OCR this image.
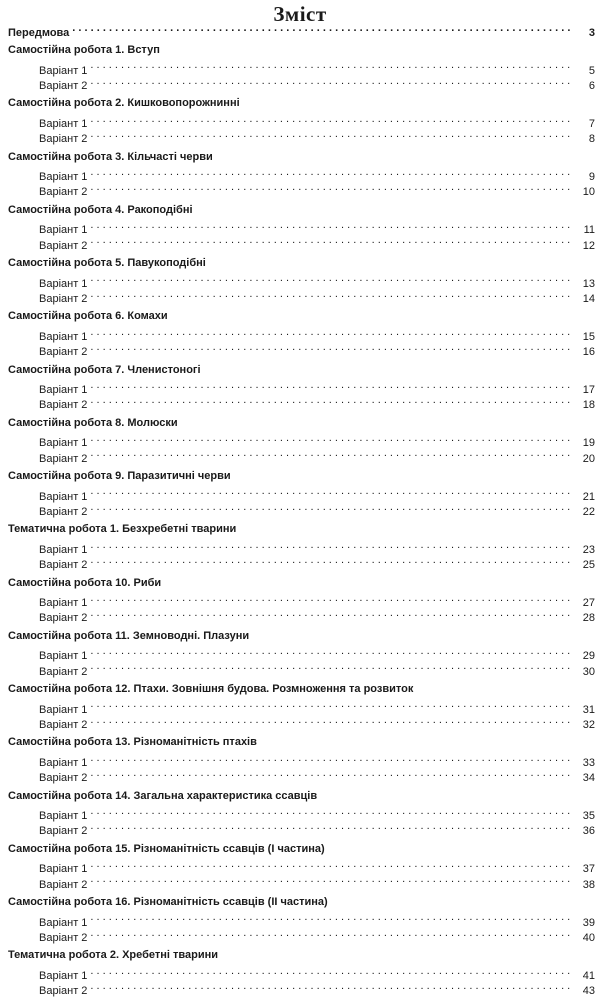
Зміст
Передмова . . .	3
Самостійна робота 1. Вступ
Варіант 1 . . .	5
Варіант 2 . . .	6
Самостійна робота 2. Кишковопорожнинні
Варіант 1 . . .	7
Варіант 2 . . .	8
Самостійна робота 3. Кільчасті черви
Варіант 1 . . .	9
Варіант 2 . . .	10
Самостійна робота 4. Ракоподібні
Варіант 1 . . .	11
Варіант 2 . . .	12
Самостійна робота 5. Павукоподібні
Варіант 1 . . .	13
Варіант 2 . . .	14
Самостійна робота 6. Комахи
Варіант 1 . . .	15
Варіант 2 . . .	16
Самостійна робота 7. Членистоногі
Варіант 1 . . .	17
Варіант 2 . . .	18
Самостійна робота 8. Молюски
Варіант 1 . . .	19
Варіант 2 . . .	20
Самостійна робота 9. Паразитичні черви
Варіант 1 . . .	21
Варіант 2 . . .	22
Тематична робота 1. Безхребетні тварини
Варіант 1 . . .	23
Варіант 2 . . .	25
Самостійна робота 10. Риби
Варіант 1 . . .	27
Варіант 2 . . .	28
Самостійна робота 11. Земноводні. Плазуни
Варіант 1 . . .	29
Варіант 2 . . .	30
Самостійна робота 12. Птахи. Зовнішня будова. Розмноження та розвиток
Варіант 1 . . .	31
Варіант 2 . . .	32
Самостійна робота 13. Різноманітність птахів
Варіант 1 . . .	33
Варіант 2 . . .	34
Самостійна робота 14. Загальна характеристика ссавців
Варіант 1 . . .	35
Варіант 2 . . .	36
Самостійна робота 15. Різноманітність ссавців (І частина)
Варіант 1 . . .	37
Варіант 2 . . .	38
Самостійна робота 16. Різноманітність ссавців (ІІ частина)
Варіант 1 . . .	39
Варіант 2 . . .	40
Тематична робота 2. Хребетні тварини
Варіант 1 . . .	41
Варіант 2 . . .	43
